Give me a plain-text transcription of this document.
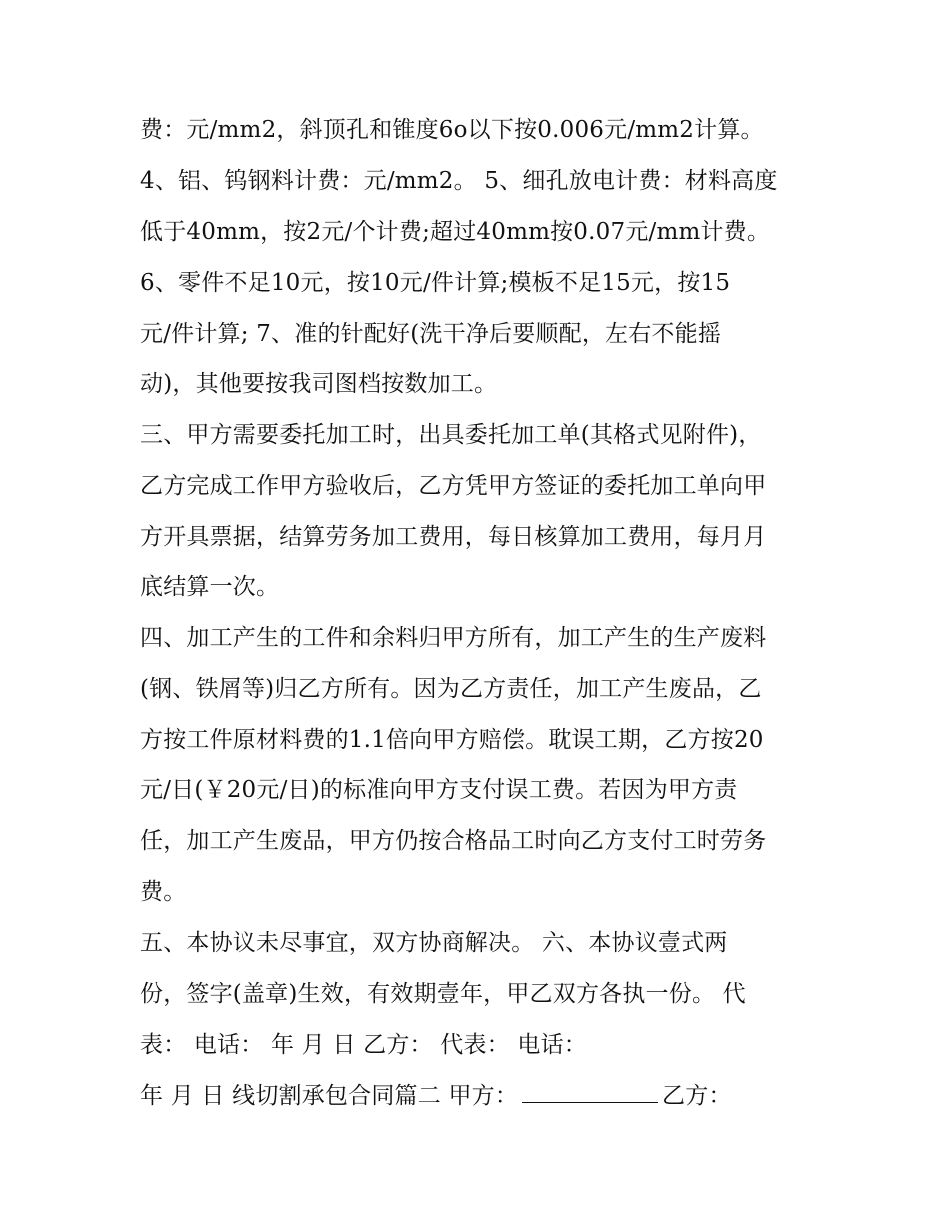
费：元/mm2，斜顶孔和锥度6o以下按0.006元/mm2计算。
4、铝、钨钢料计费：元/mm2。 5、细孔放电计费：材料高度
低于40mm，按2元/个计费;超过40mm按0.07元/mm计费。
6、零件不足10元，按10元/件计算;模板不足15元，按15
元/件计算; 7、准的针配好(洗干净后要顺配，左右不能摇
动)，其他要按我司图档按数加工。
三、甲方需要委托加工时，出具委托加工单(其格式见附件)，
乙方完成工作甲方验收后，乙方凭甲方签证的委托加工单向甲
方开具票据，结算劳务加工费用，每日核算加工费用，每月月
底结算一次。
四、加工产生的工件和余料归甲方所有，加工产生的生产废料
(钢、铁屑等)归乙方所有。因为乙方责任，加工产生废品，乙
方按工件原材料费的1.1倍向甲方赔偿。耽误工期，乙方按20
元/日(￥20元/日)的标准向甲方支付误工费。若因为甲方责
任，加工产生废品，甲方仍按合格品工时向乙方支付工时劳务
费。
五、本协议未尽事宜，双方协商解决。 六、本协议壹式两
份，签字(盖章)生效，有效期壹年，甲乙双方各执一份。 代
表： 电话： 年 月 日 乙方： 代表： 电话：
年 月 日 线切割承包合同篇二 甲方：	乙方：
